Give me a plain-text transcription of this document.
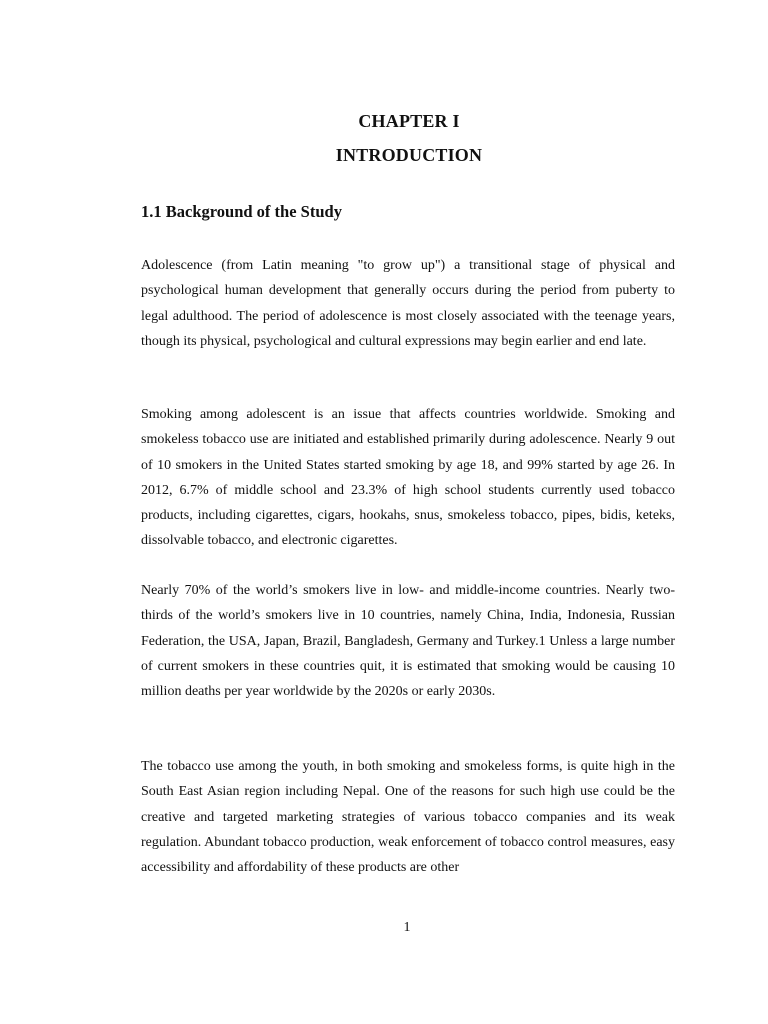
CHAPTER I
INTRODUCTION
1.1 Background of the Study

Adolescence (from Latin meaning "to grow up") a transitional stage of physical and psychological human development that generally occurs during the period from puberty to legal adulthood. The period of adolescence is most closely associated with the teenage years, though its physical, psychological and cultural expressions may begin earlier and end late.

Smoking among adolescent is an issue that affects countries worldwide. Smoking and smokeless tobacco use are initiated and established primarily during adolescence. Nearly 9 out of 10 smokers in the United States started smoking by age 18, and 99% started by age 26. In 2012, 6.7% of middle school and 23.3% of high school students currently used tobacco products, including cigarettes, cigars, hookahs, snus, smokeless tobacco, pipes, bidis, keteks, dissolvable tobacco, and electronic cigarettes.

Nearly 70% of the world’s smokers live in low- and middle-income countries. Nearly two-thirds of the world’s smokers live in 10 countries, namely China, India, Indonesia, Russian Federation, the USA, Japan, Brazil, Bangladesh, Germany and Turkey.1 Unless a large number of current smokers in these countries quit, it is estimated that smoking would be causing 10 million deaths per year worldwide by the 2020s or early 2030s.

The tobacco use among the youth, in both smoking and smokeless forms, is quite high in the South East Asian region including Nepal. One of the reasons for such high use could be the creative and targeted marketing strategies of various tobacco companies and its weak regulation. Abundant tobacco production, weak enforcement of tobacco control measures, easy accessibility and affordability of these products are other

1
